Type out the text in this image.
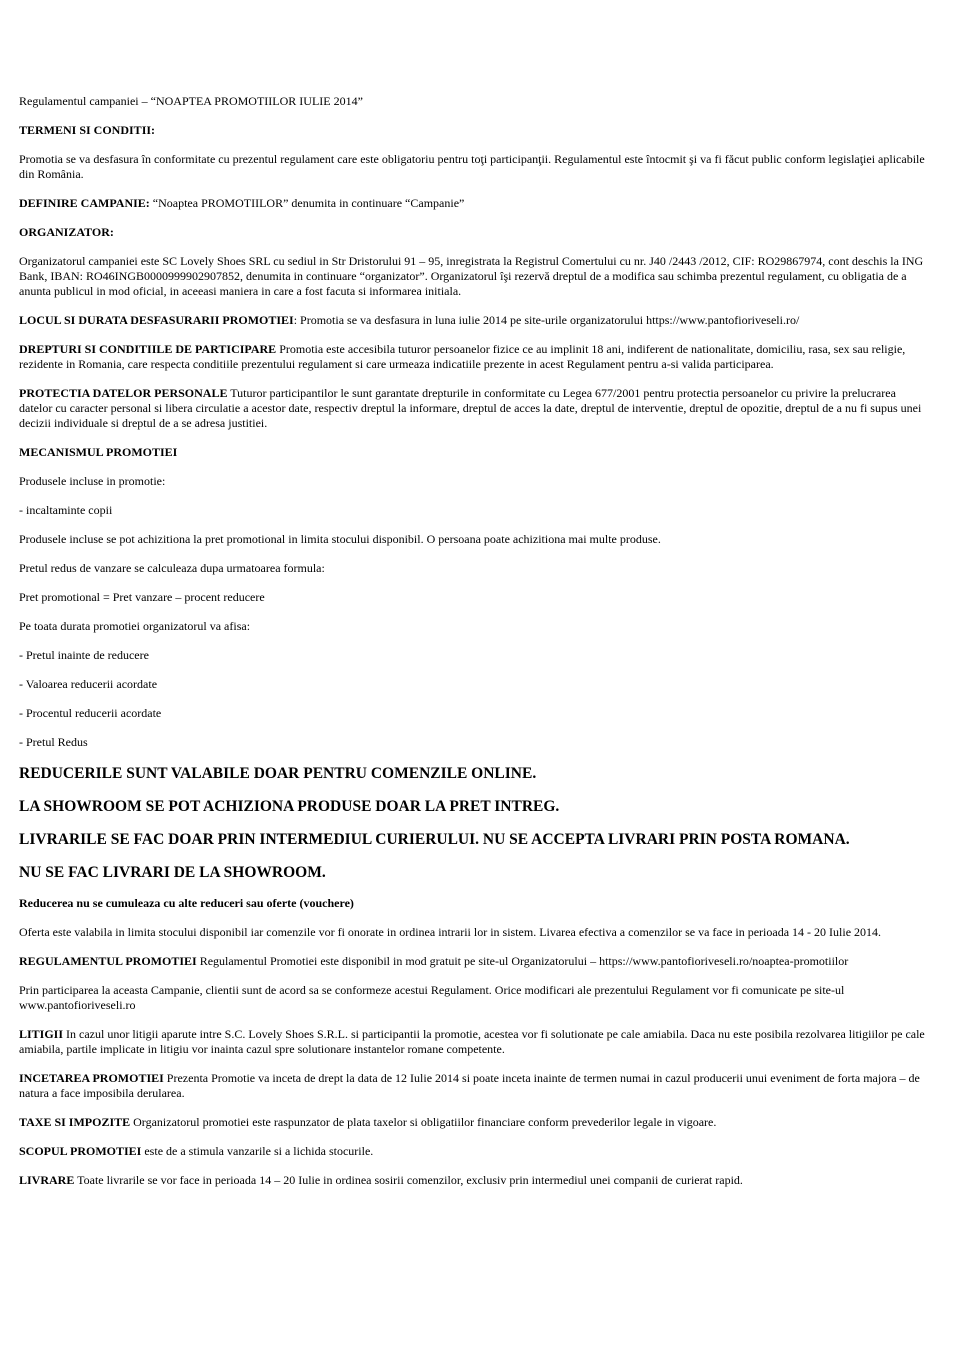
Regulamentul campaniei – “NOAPTEA PROMOTIILOR IULIE 2014”

TERMENI SI CONDITII:

Promotia se va desfasura în conformitate cu prezentul regulament care este obligatoriu pentru toţi participanţii. Regulamentul este întocmit şi va fi făcut public conform legislaţiei aplicabile din România.

DEFINIRE CAMPANIE: “Noaptea PROMOTIILOR” denumita in continuare “Campanie”

ORGANIZATOR:

Organizatorul campaniei este SC Lovely Shoes SRL cu sediul in Str Dristorului 91 – 95, inregistrata la Registrul Comertului cu nr. J40 /2443 /2012, CIF: RO29867974, cont deschis la ING Bank, IBAN: RO46INGB0000999902907852, denumita in continuare “organizator”. Organizatorul îşi rezervă dreptul de a modifica sau schimba prezentul regulament, cu obligatia de a anunta publicul in mod oficial, in aceeasi maniera in care a fost facuta si informarea initiala.

LOCUL SI DURATA DESFASURARII PROMOTIEI: Promotia se va desfasura in luna iulie 2014 pe site-urile organizatorului https://www.pantofioriveseli.ro/

DREPTURI SI CONDITIILE DE PARTICIPARE Promotia este accesibila tuturor persoanelor fizice ce au implinit 18 ani, indiferent de nationalitate, domiciliu, rasa, sex sau religie, rezidente in Romania, care respecta conditiile prezentului regulament si care urmeaza indicatiile prezente in acest Regulament pentru a-si valida participarea.

PROTECTIA DATELOR PERSONALE Tuturor participantilor le sunt garantate drepturile in conformitate cu Legea 677/2001 pentru protectia persoanelor cu privire la prelucrarea datelor cu caracter personal si libera circulatie a acestor date, respectiv dreptul la informare, dreptul de acces la date, dreptul de interventie, dreptul de opozitie, dreptul de a nu fi supus unei decizii individuale si dreptul de a se adresa justitiei.

MECANISMUL PROMOTIEI

Produsele incluse in promotie:

- incaltaminte copii

Produsele incluse se pot achizitiona la pret promotional in limita stocului disponibil. O persoana poate achizitiona mai multe produse.

Pretul redus de vanzare se calculeaza dupa urmatoarea formula:

Pret promotional = Pret vanzare – procent reducere

Pe toata durata promotiei organizatorul va afisa:

- Pretul inainte de reducere

- Valoarea reducerii acordate

- Procentul reducerii acordate

- Pretul Redus

REDUCERILE SUNT VALABILE DOAR PENTRU COMENZILE ONLINE.
LA SHOWROOM SE POT ACHIZIONA PRODUSE DOAR LA PRET INTREG.
LIVRARILE SE FAC DOAR PRIN INTERMEDIUL CURIERULUI. NU SE ACCEPTA LIVRARI PRIN POSTA ROMANA.
NU SE FAC LIVRARI DE LA SHOWROOM.

Reducerea nu se cumuleaza cu alte reduceri sau oferte (vouchere)

Oferta este valabila in limita stocului disponibil iar comenzile vor fi onorate in ordinea intrarii lor in sistem. Livarea efectiva a comenzilor se va face in perioada 14 - 20 Iulie 2014.

REGULAMENTUL PROMOTIEI Regulamentul Promotiei este disponibil in mod gratuit pe site-ul Organizatorului – https://www.pantofioriveseli.ro/noaptea-promotiilor

Prin participarea la aceasta Campanie, clientii sunt de acord sa se conformeze acestui Regulament. Orice modificari ale prezentului Regulament vor fi comunicate pe site-ul www.pantofioriveseli.ro

LITIGII In cazul unor litigii aparute intre S.C. Lovely Shoes S.R.L. si participantii la promotie, acestea vor fi solutionate pe cale amiabila. Daca nu este posibila rezolvarea litigiilor pe cale amiabila, partile implicate in litigiu vor inainta cazul spre solutionare instantelor romane competente.

INCETAREA PROMOTIEI Prezenta Promotie va inceta de drept la data de 12 Iulie 2014 si poate inceta inainte de termen numai in cazul producerii unui eveniment de forta majora – de natura a face imposibila derularea.

TAXE SI IMPOZITE Organizatorul promotiei este raspunzator de plata taxelor si obligatiilor financiare conform prevederilor legale in vigoare.

SCOPUL PROMOTIEI este de a stimula vanzarile si a lichida stocurile.

LIVRARE Toate livrarile se vor face in perioada 14 – 20 Iulie in ordinea sosirii comenzilor, exclusiv prin intermediul unei companii de curierat rapid.
